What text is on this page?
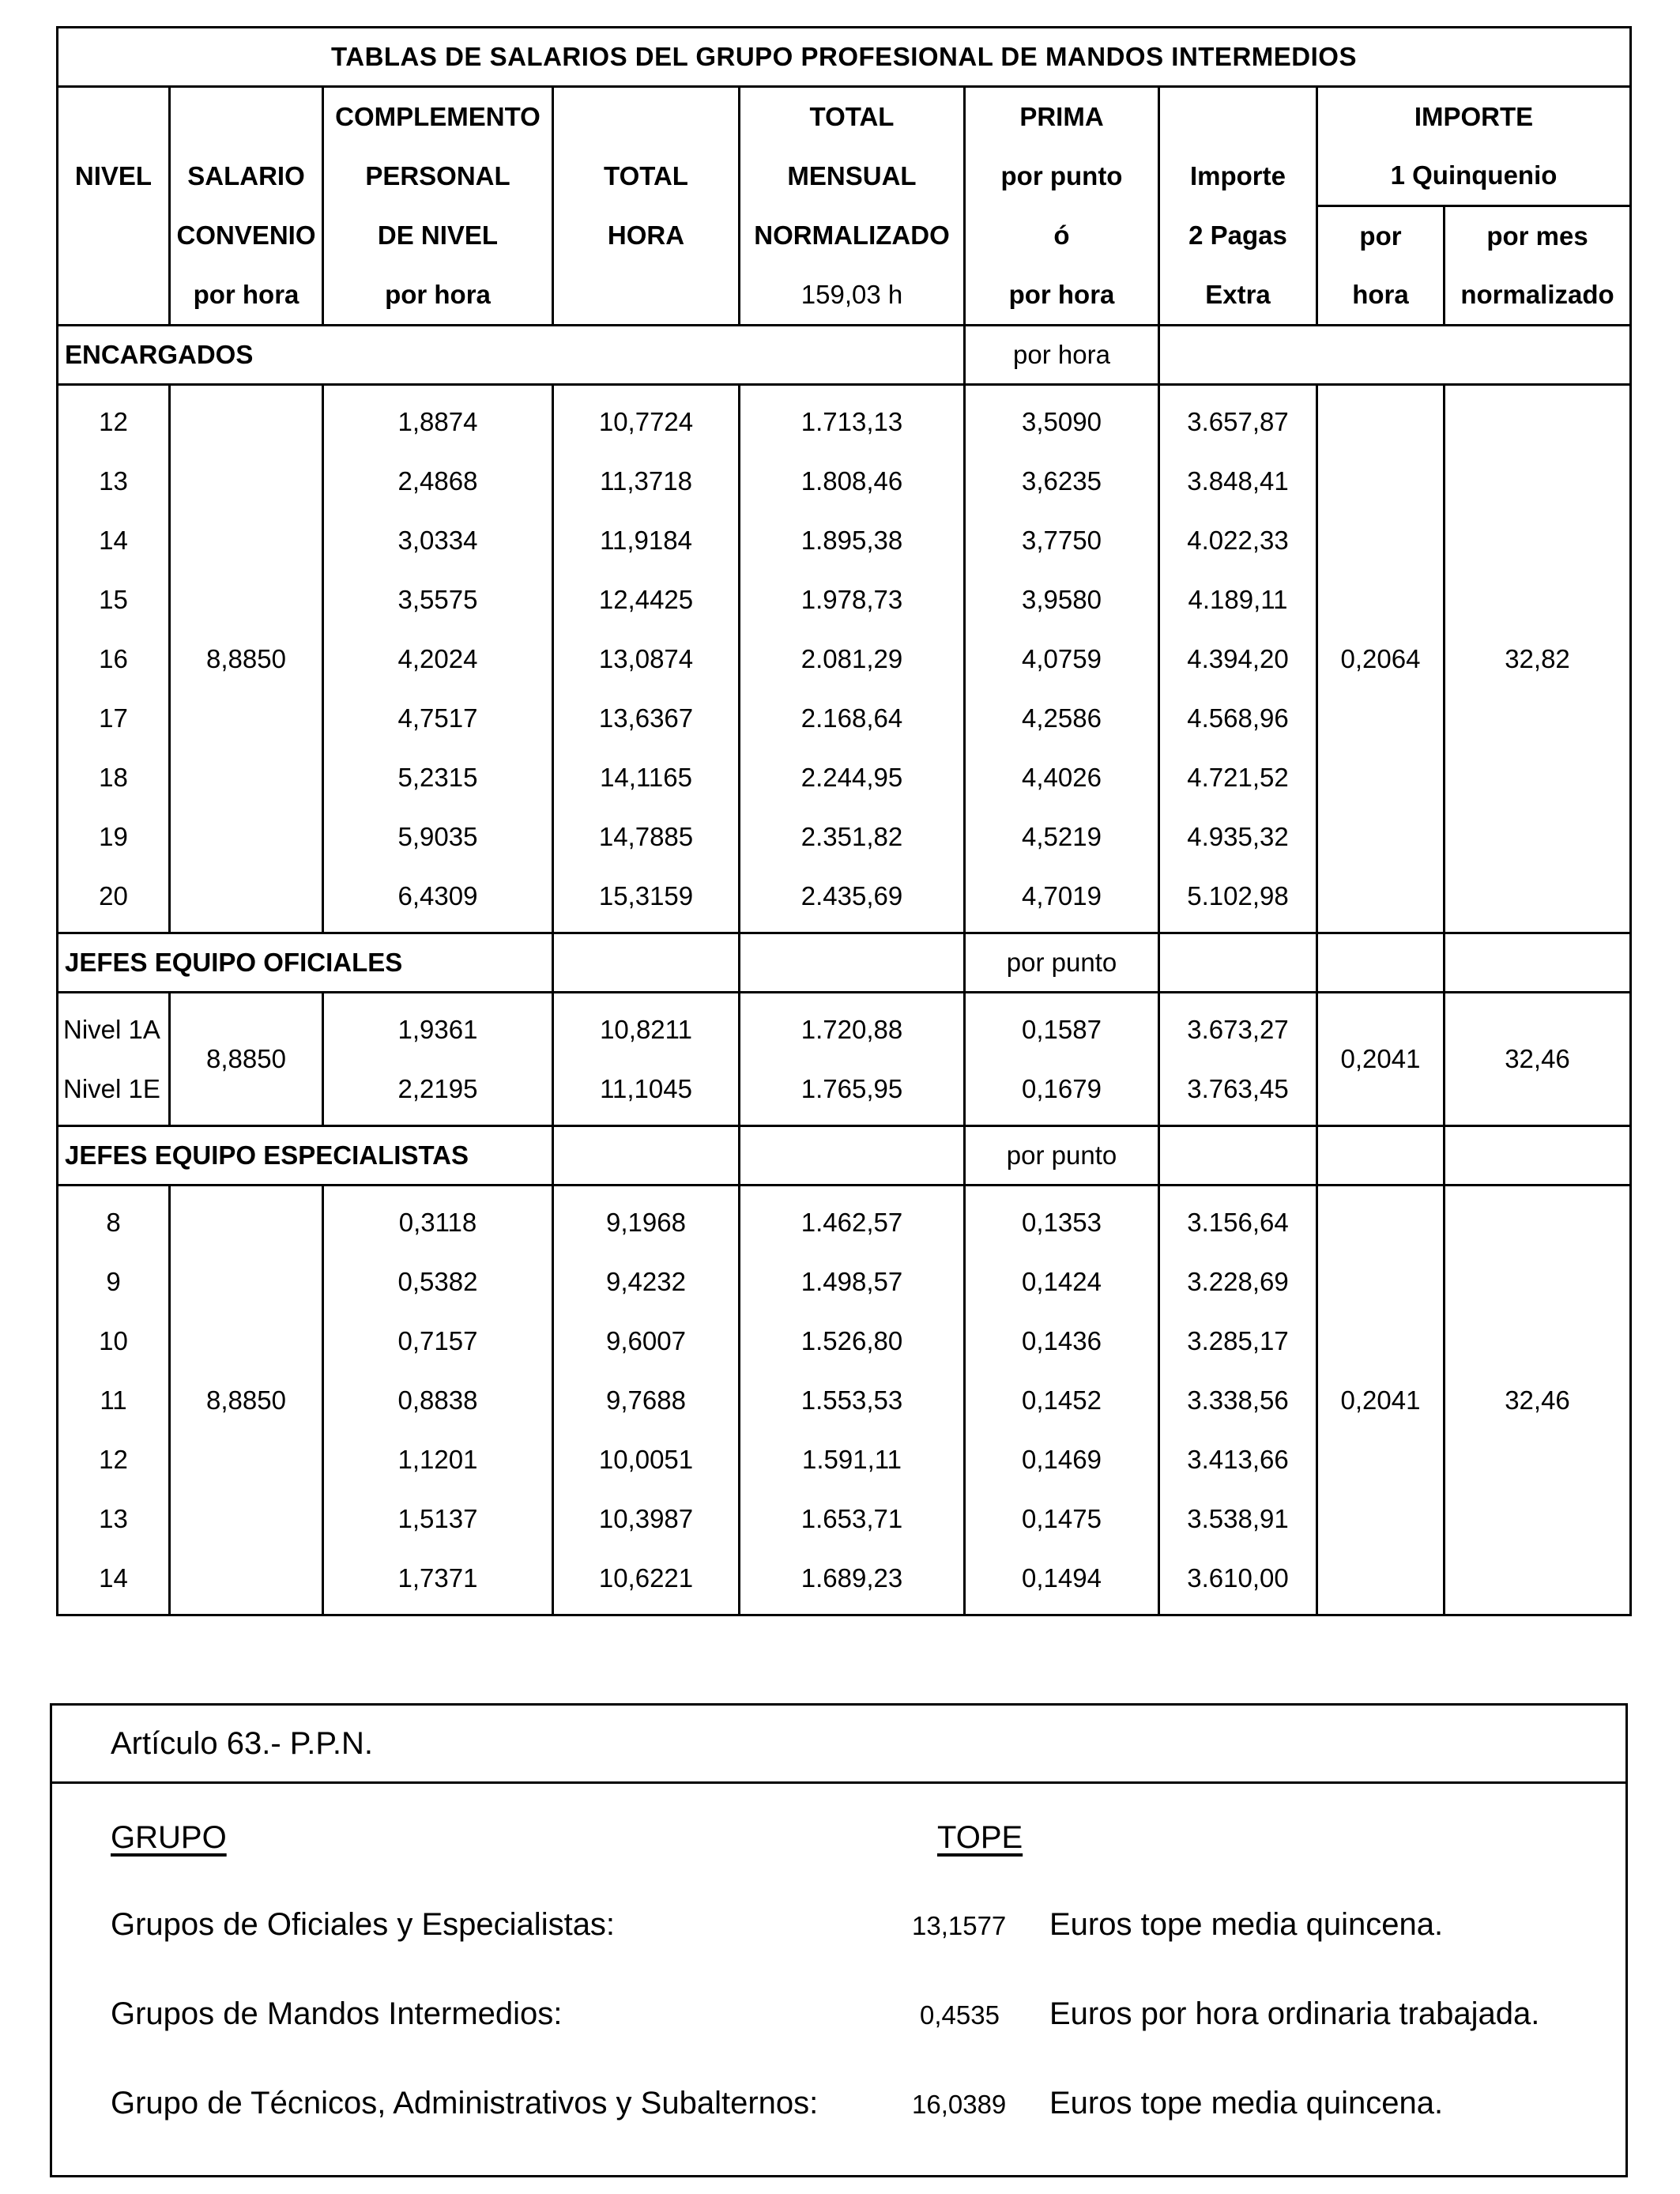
TABLAS DE SALARIOS DEL GRUPO PROFESIONAL DE MANDOS INTERMEDIOS								
		COMPLEMENTO		TOTAL	PRIMA		IMPORTE	
NIVEL	SALARIO	PERSONAL	TOTAL	MENSUAL	por punto	Importe	1 Quinquenio	
	CONVENIO	DE NIVEL	HORA	NORMALIZADO	ó	2 Pagas	por	por mes
	por hora	por hora		159,03 h	por hora	Extra	hora	normalizado
ENCARGADOS					por hora			
12	8,8850	1,8874	10,7724	1.713,13	3,5090	3.657,87	0,2064	32,82
13		2,4868	11,3718	1.808,46	3,6235	3.848,41		
14		3,0334	11,9184	1.895,38	3,7750	4.022,33		
15		3,5575	12,4425	1.978,73	3,9580	4.189,11		
16		4,2024	13,0874	2.081,29	4,0759	4.394,20		
17		4,7517	13,6367	2.168,64	4,2586	4.568,96		
18		5,2315	14,1165	2.244,95	4,4026	4.721,52		
19		5,9035	14,7885	2.351,82	4,5219	4.935,32		
20		6,4309	15,3159	2.435,69	4,7019	5.102,98		
JEFES EQUIPO OFICIALES					por punto			
Nivel 1A	8,8850	1,9361	10,8211	1.720,88	0,1587	3.673,27	0,2041	32,46
Nivel 1E		2,2195	11,1045	1.765,95	0,1679	3.763,45		
JEFES EQUIPO ESPECIALISTAS					por punto			
8	8,8850	0,3118	9,1968	1.462,57	0,1353	3.156,64	0,2041	32,46
9		0,5382	9,4232	1.498,57	0,1424	3.228,69		
10		0,7157	9,6007	1.526,80	0,1436	3.285,17		
11		0,8838	9,7688	1.553,53	0,1452	3.338,56		
12		1,1201	10,0051	1.591,11	0,1469	3.413,66		
13		1,5137	10,3987	1.653,71	0,1475	3.538,91		
14		1,7371	10,6221	1.689,23	0,1494	3.610,00		
Artículo 63.- P.P.N.
GRUPO	TOPE
Grupos de Oficiales y Especialistas:	13,1577 Euros tope media quincena.
Grupos de Mandos Intermedios:	0,4535 Euros por hora ordinaria trabajada.
Grupo de Técnicos, Administrativos y Subalternos:	16,0389 Euros tope media quincena.
